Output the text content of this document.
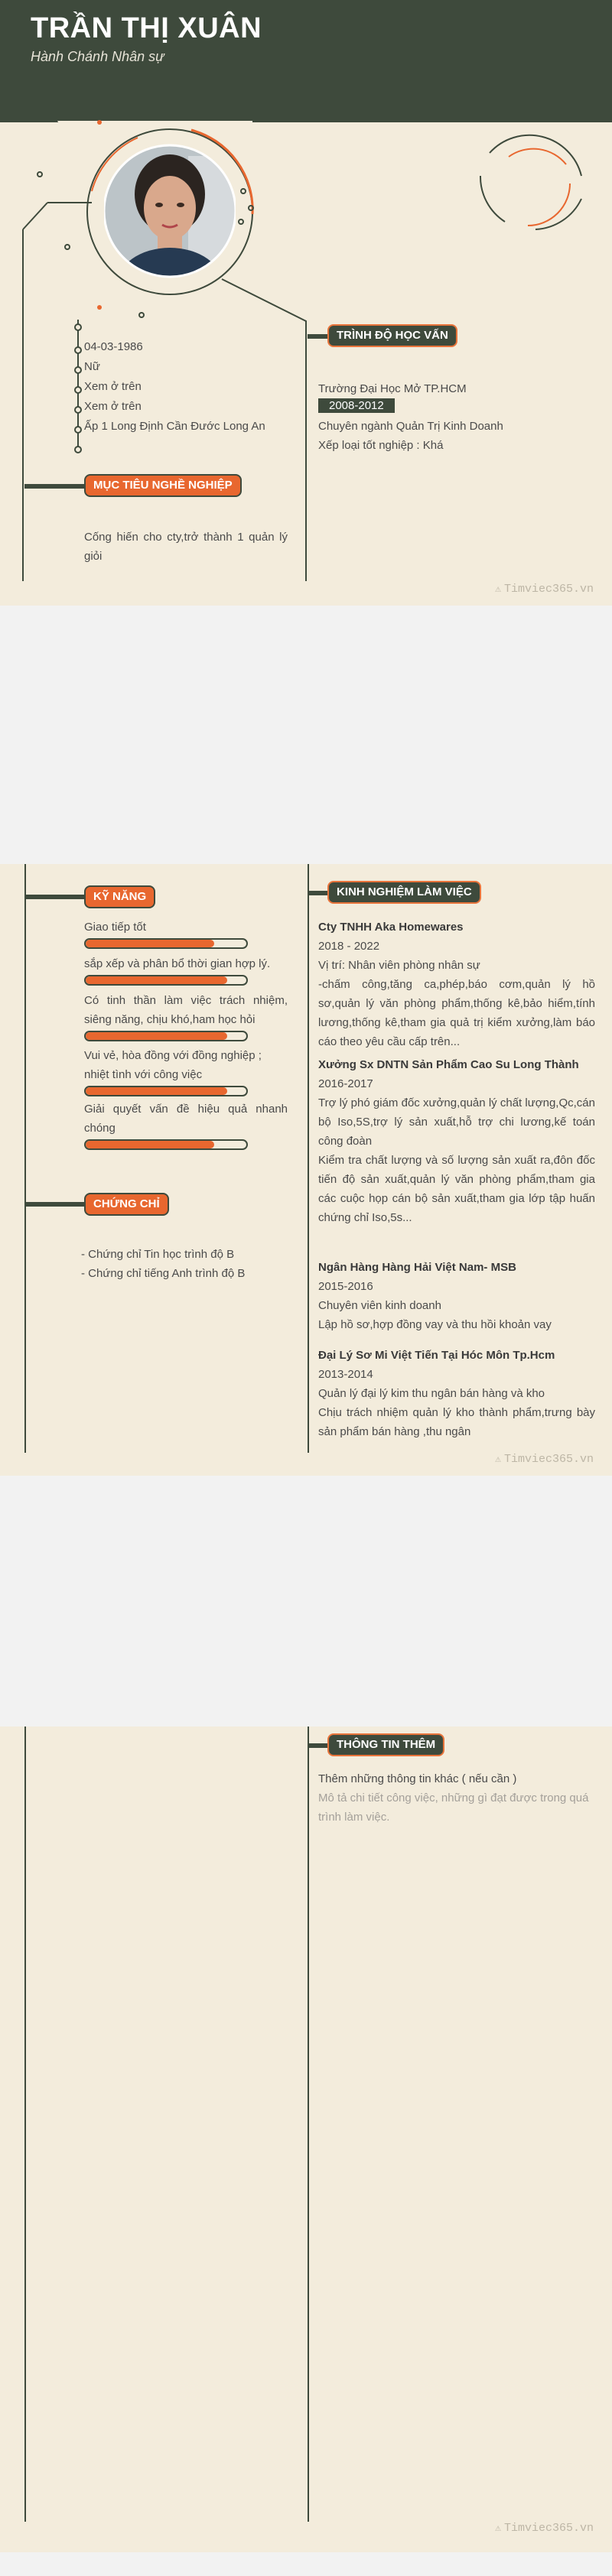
TRẦN THỊ XUÂN
Hành Chánh Nhân sự
04-03-1986
Nữ
Xem ở trên
Xem ở trên
Ấp 1 Long Định Cần Đước Long An
MỤC TIÊU NGHỀ NGHIỆP
Cống hiến cho cty,trở thành 1 quản lý giỏi
TRÌNH ĐỘ HỌC VẤN
Trường Đại Học Mở TP.HCM
2008-2012
Chuyên ngành Quản Trị Kinh Doanh
Xếp loại tốt nghiệp : Khá
⚠ Timviec365.vn
KỸ NĂNG
Giao tiếp tốt
sắp xếp và phân bổ thời gian hợp lý.
Có tinh thần làm việc trách nhiệm, siêng năng, chịu khó,ham học hỏi
Vui vẻ, hòa đồng với đồng nghiệp ; nhiệt tình với công việc
Giải quyết vấn đề hiệu quả nhanh chóng
CHỨNG CHỈ
- Chứng chỉ Tin học trình độ B
- Chứng chỉ tiếng Anh trình độ B
KINH NGHIỆM LÀM VIỆC
Cty TNHH Aka Homewares
2018 - 2022
Vị trí: Nhân viên phòng nhân sự
-chấm công,tăng ca,phép,báo cơm,quản lý hồ sơ,quản lý văn phòng phẩm,thống kê,bảo hiểm,tính lương,thống kê,tham gia quả trị kiểm xưởng,làm báo cáo theo yêu cầu cấp trên...
Xưởng Sx DNTN Sản Phẩm Cao Su Long Thành
2016-2017
Trợ lý phó giám đốc xưởng,quản lý chất lượng,Qc,cán bộ Iso,5S,trợ lý sản xuất,hỗ trợ chi lương,kế toán công đoàn
Kiểm tra chất lượng và số lượng sản xuất ra,đôn đốc tiến độ sản xuất,quản lý văn phòng phẩm,tham gia các cuộc họp cán bộ sản xuất,tham gia lớp tập huấn chứng chỉ Iso,5s...
Ngân Hàng Hàng Hải Việt Nam- MSB
2015-2016
Chuyên viên kinh doanh
Lập hồ sơ,hợp đồng vay và thu hồi khoản vay
Đại Lý Sơ Mi Việt Tiến Tại Hóc Môn Tp.Hcm
2013-2014
Quản lý đại lý kim thu ngân bán hàng và kho
Chịu trách nhiệm quản lý kho thành phẩm,trưng bày sản phẩm bán hàng ,thu ngân
⚠ Timviec365.vn
THÔNG TIN THÊM
Thêm những thông tin khác ( nếu cần )
Mô tả chi tiết công việc, những gì đạt được trong quá trình làm việc.
⚠ Timviec365.vn
